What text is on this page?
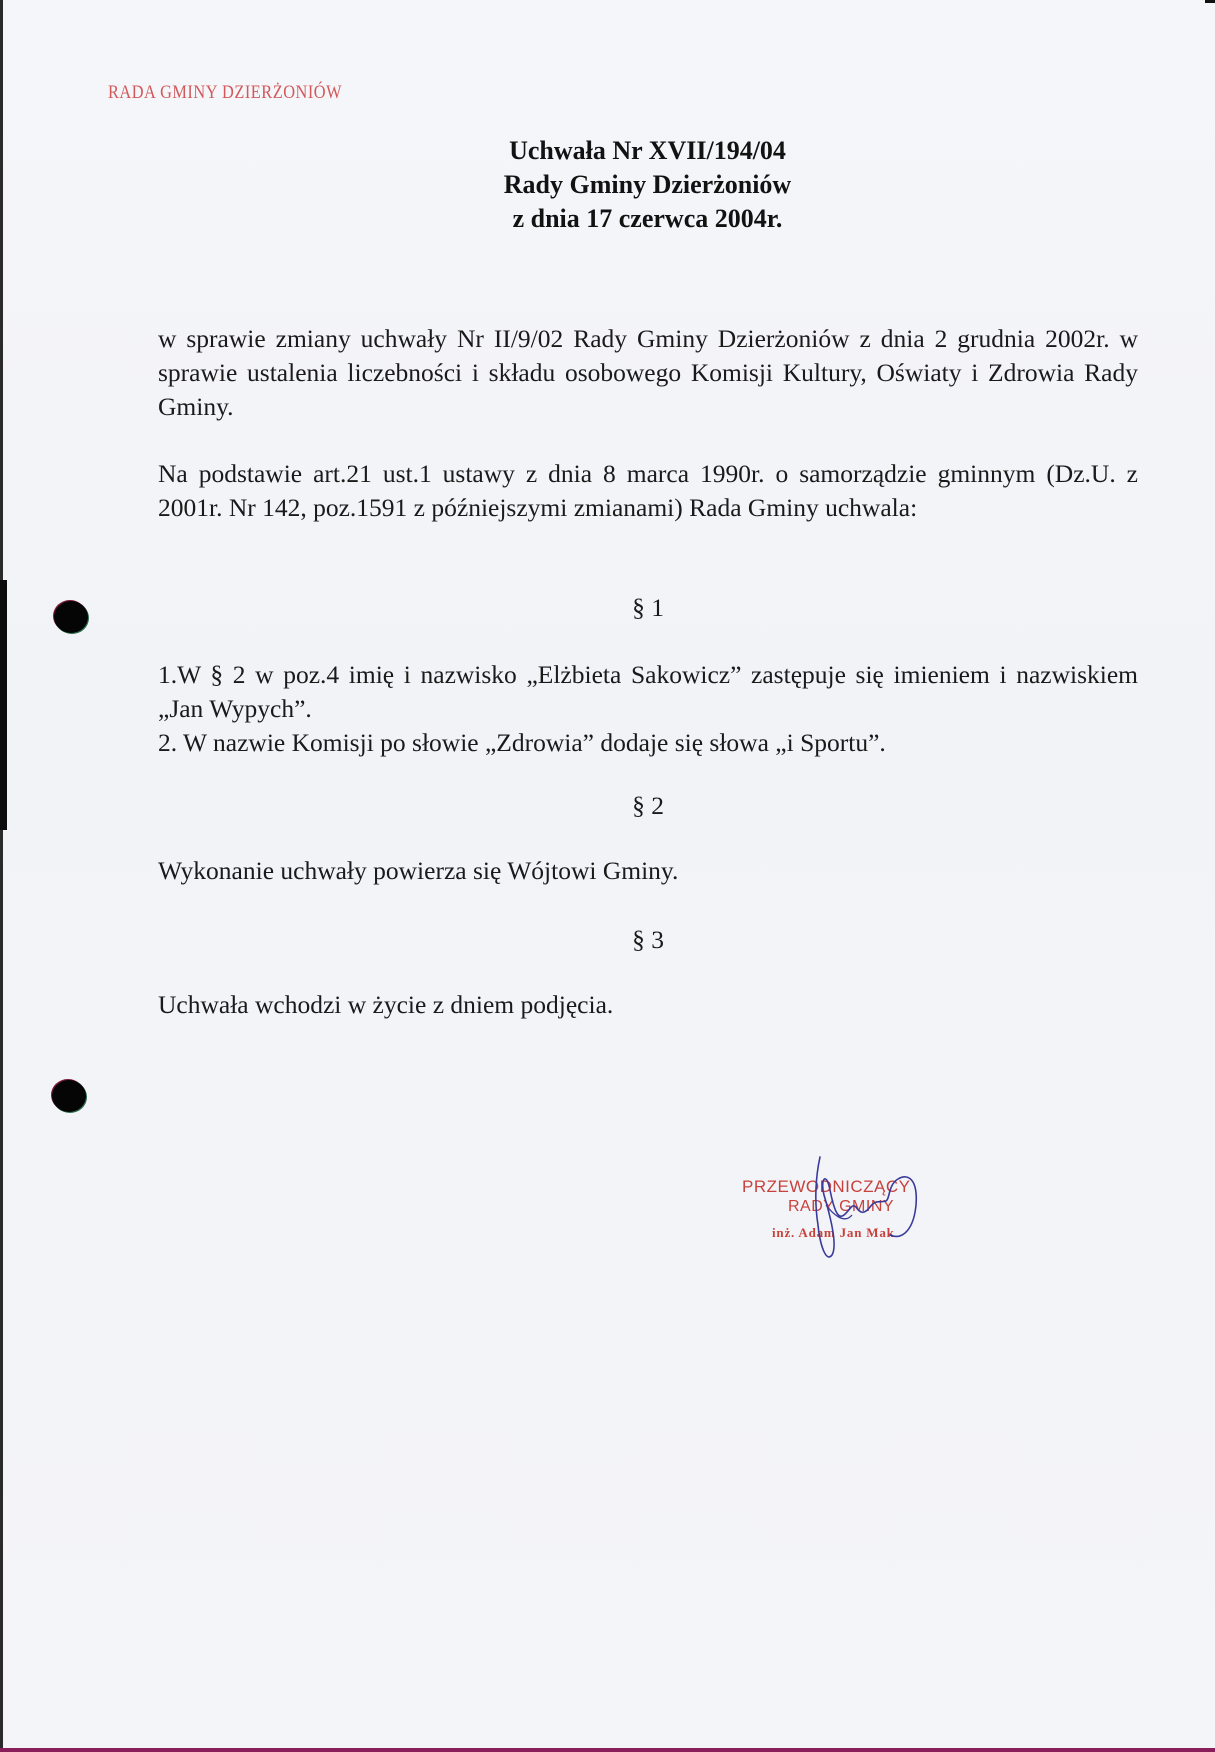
RADA GMINY DZIERŻONIÓW
Uchwała Nr XVII/194/04
Rady Gminy Dzierżoniów
z dnia 17 czerwca 2004r.
w sprawie zmiany uchwały Nr II/9/02 Rady Gminy Dzierżoniów z dnia 2 grudnia 2002r. w sprawie ustalenia liczebności i składu osobowego Komisji Kultury, Oświaty i Zdrowia Rady Gminy.
Na podstawie art.21 ust.1 ustawy z dnia 8 marca 1990r. o samorządzie gminnym (Dz.U. z 2001r. Nr 142, poz.1591 z późniejszymi zmianami) Rada Gminy uchwala:
§ 1
1.W § 2 w poz.4 imię i nazwisko „Elżbieta Sakowicz” zastępuje się imieniem i nazwiskiem „Jan Wypych”.
2. W nazwie Komisji po słowie „Zdrowia” dodaje się słowa „i Sportu”.
§ 2
Wykonanie uchwały powierza się Wójtowi Gminy.
§ 3
Uchwała wchodzi w życie z dniem podjęcia.
PRZEWODNICZĄCY
RADY GMINY
inż. Adam Jan Mak
